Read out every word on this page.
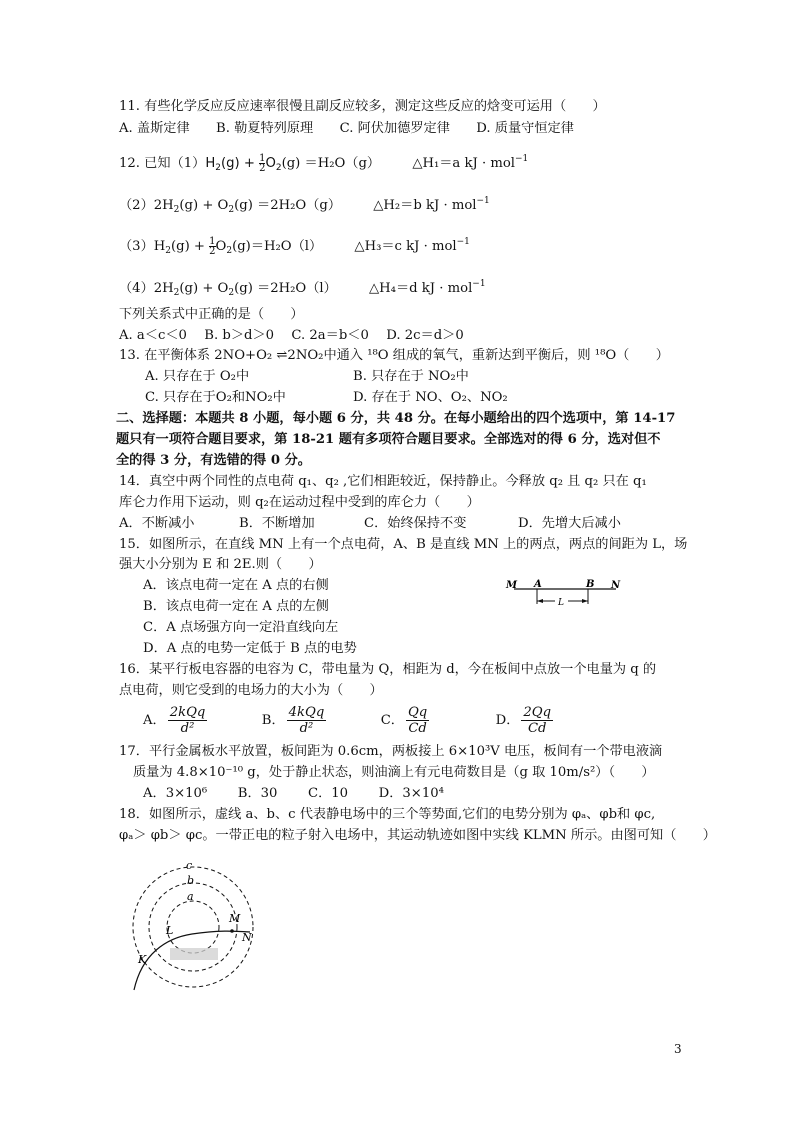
11. 有些化学反应反应速率很慢且副反应较多，测定这些反应的焓变可运用（　　）
A. 盖斯定律　　B. 勒夏特列原理　　C. 阿伏加德罗定律　　D. 质量守恒定律
12. 已知$(1)H_2(g) + \frac{1}{2} O_2(g) =H_2O(g)$ △H₁＝a kJ · mol$^{-1}$
$(2)2H_2(g) + O_2(g) =2H_2O(g)$ △H₂＝b kJ · mol$^{-1}$
$(3)H_2(g) + \frac{1}{2} O_2(g)=H_2O(l)$ △H₃＝c kJ · mol$^{-1}$
$(4)2H_2(g) + O_2(g) =2H_2O(l)$ △H₄＝d kJ · mol$^{-1}$
下列关系式中正确的是（　　）
A. a＜c＜0　 B. b＞d＞0　 C. 2a＝b＜0　 D. 2c＝d＞0
13. 在平衡体系 2NO+O₂ ⇌2NO₂中通入 ¹⁸O 组成的氧气，重新达到平衡后，则 ¹⁸O（　　）
A. 只存在于 O₂中	B. 只存在于 NO₂中
C. 只存在于O₂和NO₂中	D. 存在于 NO、O₂、NO₂
二、选择题：本题共 8 小题，每小题 6 分，共 48 分。在每小题给出的四个选项中，第 14-17
题只有一项符合题目要求，第 18-21 题有多项符合题目要求。全部选对的得 6 分，选对但不
全的得 3 分，有选错的得 0 分。
14．真空中两个同性的点电荷 q₁、q₂ ,它们相距较近，保持静止。今释放 q₂ 且 q₂ 只在 q₁
库仑力作用下运动，则 q₂在运动过程中受到的库仑力（　　）
A．不断减小	B．不断增加	C．始终保持不变	D．先增大后减小
15．如图所示，在直线 MN 上有一个点电荷，A、B 是直线 MN 上的两点，两点的间距为 L，场
强大小分别为 E 和 2E.则（　　）
A．该点电荷一定在 A 点的右侧
B．该点电荷一定在 A 点的左侧
C．A 点场强方向一定沿直线向左
D．A 点的电势一定低于 B 点的电势
M A	B N
L
16．某平行板电容器的电容为 C，带电量为 Q，相距为 d，今在板间中点放一个电量为 q 的
点电荷，则它受到的电场力的大小为（　　）
A． $\frac{\text{2kQq}}{\text{d²}}$	B． $\frac{\text{4kQq}}{\text{d²}}$	C． $\frac{Qq}{Cd}$	D． $\frac{2Qq}{Cd}$
17．平行金属板水平放置，板间距为 0.6cm，两板接上 6×10³V 电压，板间有一个带电液滴
质量为 4.8×10⁻¹⁰ g，处于静止状态，则油滴上有元电荷数目是（g 取 10m/s²）（　　）
A．3×10⁶　　 B．30　　 C．10　　 D．3×10⁴
18．如图所示，虚线 a、b、c 代表静电场中的三个等势面,它们的电势分别为 φₐ、φb和 φc,
φₐ＞ φb＞ φc。一带正电的粒子射入电场中，其运动轨迹如图中实线 KLMN 所示。由图可知（　　）
c
b
a
M
L
N
K
3
